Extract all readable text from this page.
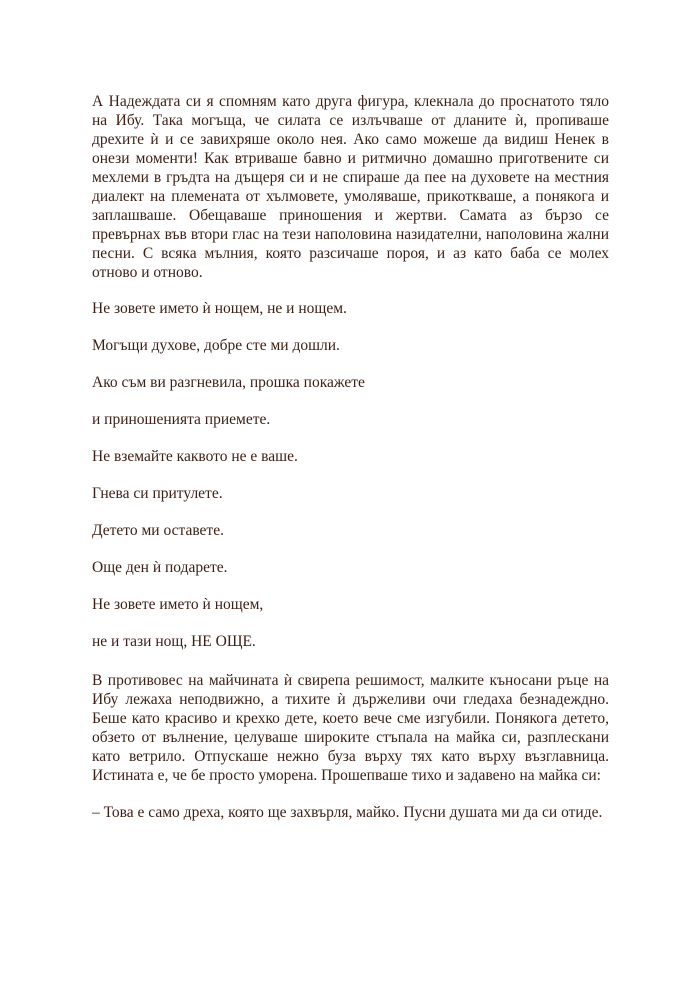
А Надеждата си я спомням като друга фигура, клекнала до проснатото тяло на Ибу. Така могъща, че силата се излъчваше от дланите ѝ, пропиваше дрехите ѝ и се завихряше около нея. Ако само можеше да видиш Ненек в онези моменти! Как втриваше бавно и ритмично домашно приготвените си мехлеми в гръдта на дъщеря си и не спираше да пее на духовете на местния диалект на племената от хълмовете, умоляваше, прикоткваше, а понякога и заплашваше. Обещаваше приношения и жертви. Самата аз бързо се превърнах във втори глас на тези наполовина назидателни, наполовина жални песни. С всяка мълния, която разсичаше пороя, и аз като баба се молех отново и отново.

Не зовете името ѝ нощем, не и нощем.

Могъщи духове, добре сте ми дошли.

Ако съм ви разгневила, прошка покажете

и приношенията приемете.

Не вземайте каквото не е ваше.

Гнева си притулете.

Детето ми оставете.

Още ден ѝ подарете.

Не зовете името ѝ нощем,

не и тази нощ, НЕ ОЩЕ.

В противовес на майчината ѝ свирепа решимост, малките къносани ръце на Ибу лежаха неподвижно, а тихите ѝ държеливи очи гледаха безнадеждно. Беше като красиво и крехко дете, което вече сме изгубили. Понякога детето, обзето от вълнение, целуваше широките стъпала на майка си, разплескани като ветрило. Отпускаше нежно буза върху тях като върху възглавница. Истината е, че бе просто уморена. Прошепваше тихо и задавено на майка си:

– Това е само дреха, която ще захвърля, майко. Пусни душата ми да си отиде.
